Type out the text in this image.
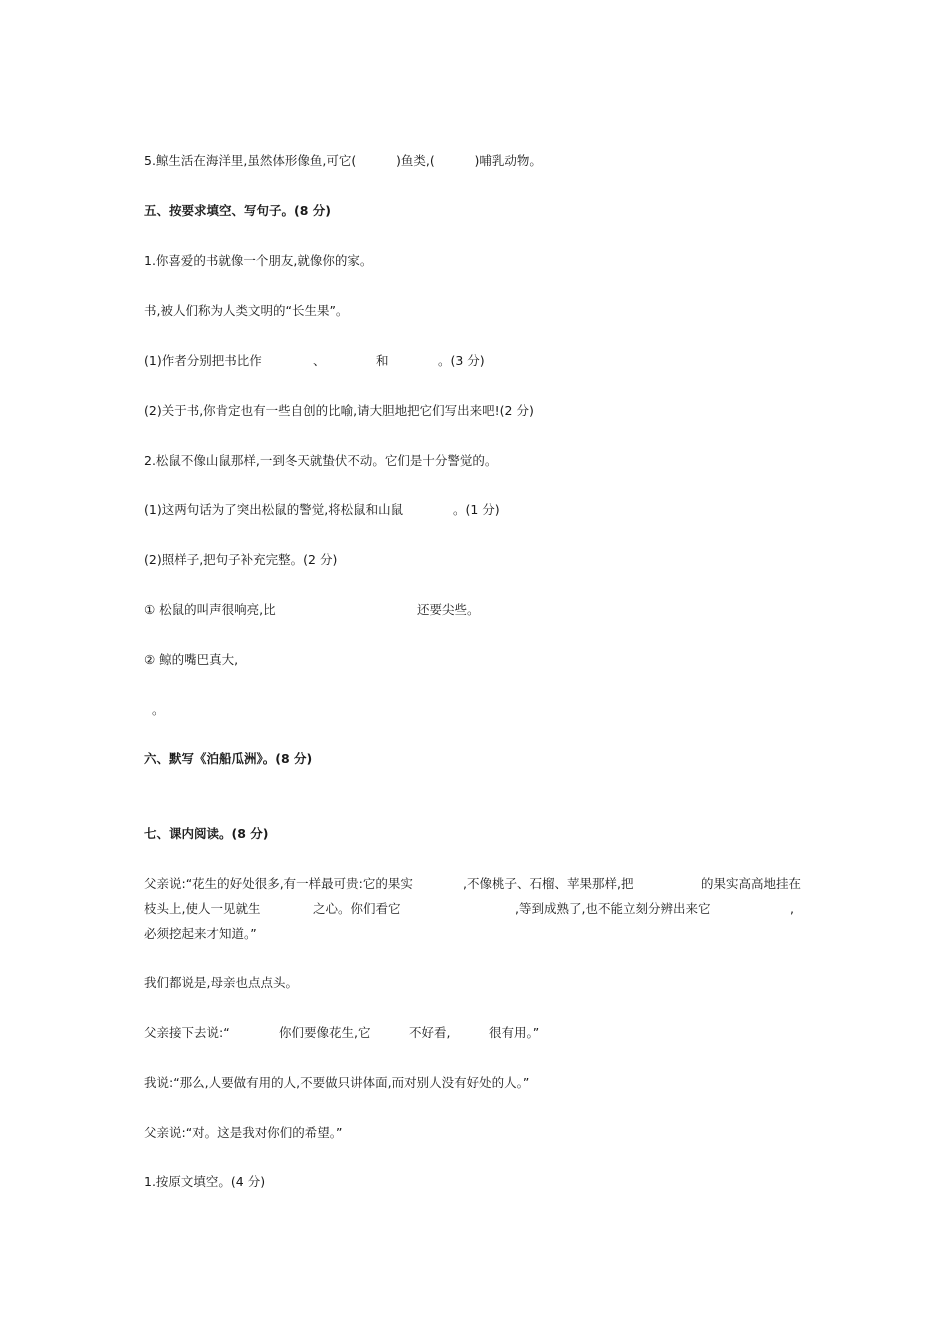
5.鲸生活在海洋里,虽然体形像鱼,可它(          )鱼类,(          )哺乳动物。
五、按要求填空、写句子。(8 分)
1.你喜爱的书就像一个朋友,就像你的家。
书,被人们称为人类文明的“长生果”。
(1)作者分别把书比作	、	和	。(3 分)
(2)关于书,你肯定也有一些自创的比喻,请大胆地把它们写出来吧!(2 分)
2.松鼠不像山鼠那样,一到冬天就蛰伏不动。它们是十分警觉的。
(1)这两句话为了突出松鼠的警觉,将松鼠和山鼠	。(1 分)
(2)照样子,把句子补充完整。(2 分)
① 松鼠的叫声很响亮,比	还要尖些。
② 鲸的嘴巴真大,
。
六、默写《泊船瓜洲》。(8 分)
七、课内阅读。(8 分)
父亲说:“花生的好处很多,有一样最可贵:它的果实	,不像桃子、石榴、苹果那样,把	的果实高高地挂在
枝头上,使人一见就生	之心。你们看它	,等到成熟了,也不能立刻分辨出来它	,
必须挖起来才知道。”
我们都说是,母亲也点点头。
父亲接下去说:“	你们要像花生,它	不好看,	很有用。”
我说:“那么,人要做有用的人,不要做只讲体面,而对别人没有好处的人。”
父亲说:“对。这是我对你们的希望。”
1.按原文填空。(4 分)
